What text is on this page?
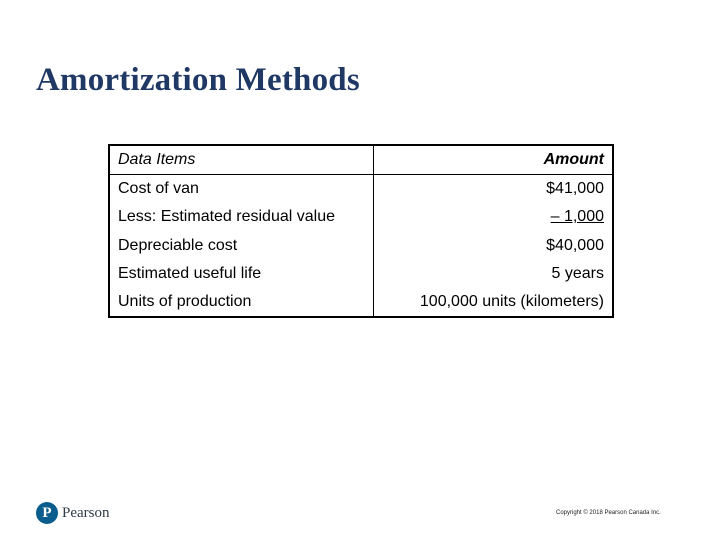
Amortization Methods
Data Items	Amount
Cost of van	$41,000
Less: Estimated residual value	– 1,000
Depreciable cost	$40,000
Estimated useful life	5 years
Units of production	100,000 units (kilometers)
P Pearson	Copyright © 2018 Pearson Canada Inc.
